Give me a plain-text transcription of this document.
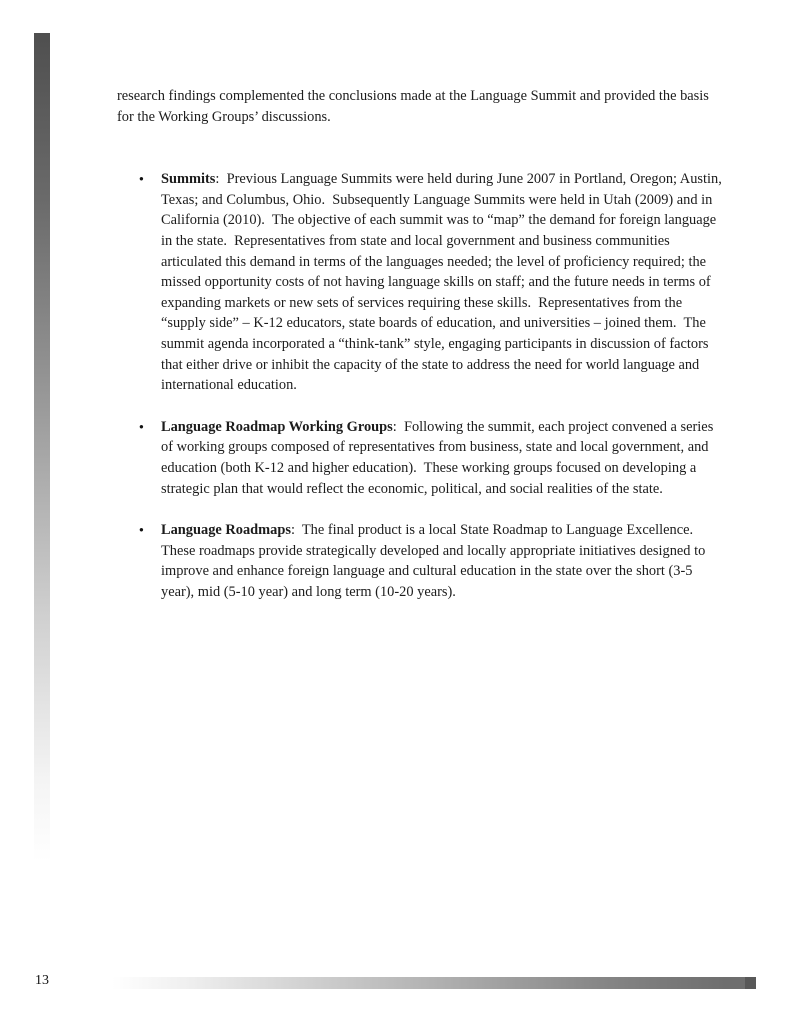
research findings complemented the conclusions made at the Language Summit and provided the basis for the Working Groups’ discussions.

●	Summits:  Previous Language Summits were held during June 2007 in Portland, Oregon; Austin, Texas; and Columbus, Ohio.  Subsequently Language Summits were held in Utah (2009) and in California (2010).  The objective of each summit was to “map” the demand for foreign language in the state.  Representatives from state and local government and business communities articulated this demand in terms of the languages needed; the level of proficiency required; the missed opportunity costs of not having language skills on staff; and the future needs in terms of expanding markets or new sets of services requiring these skills.  Representatives from the “supply side” – K-12 educators, state boards of education, and universities – joined them.  The summit agenda incorporated a “think-tank” style, engaging participants in discussion of factors that either drive or inhibit the capacity of the state to address the need for world language and international education.
●	Language Roadmap Working Groups:  Following the summit, each project convened a series of working groups composed of representatives from business, state and local government, and education (both K-12 and higher education).  These working groups focused on developing a strategic plan that would reflect the economic, political, and social realities of the state.
●	Language Roadmaps:  The final product is a local State Roadmap to Language Excellence.  These roadmaps provide strategically developed and locally appropriate initiatives designed to improve and enhance foreign language and cultural education in the state over the short (3-5 year), mid (5-10 year) and long term (10-20 years).
13
